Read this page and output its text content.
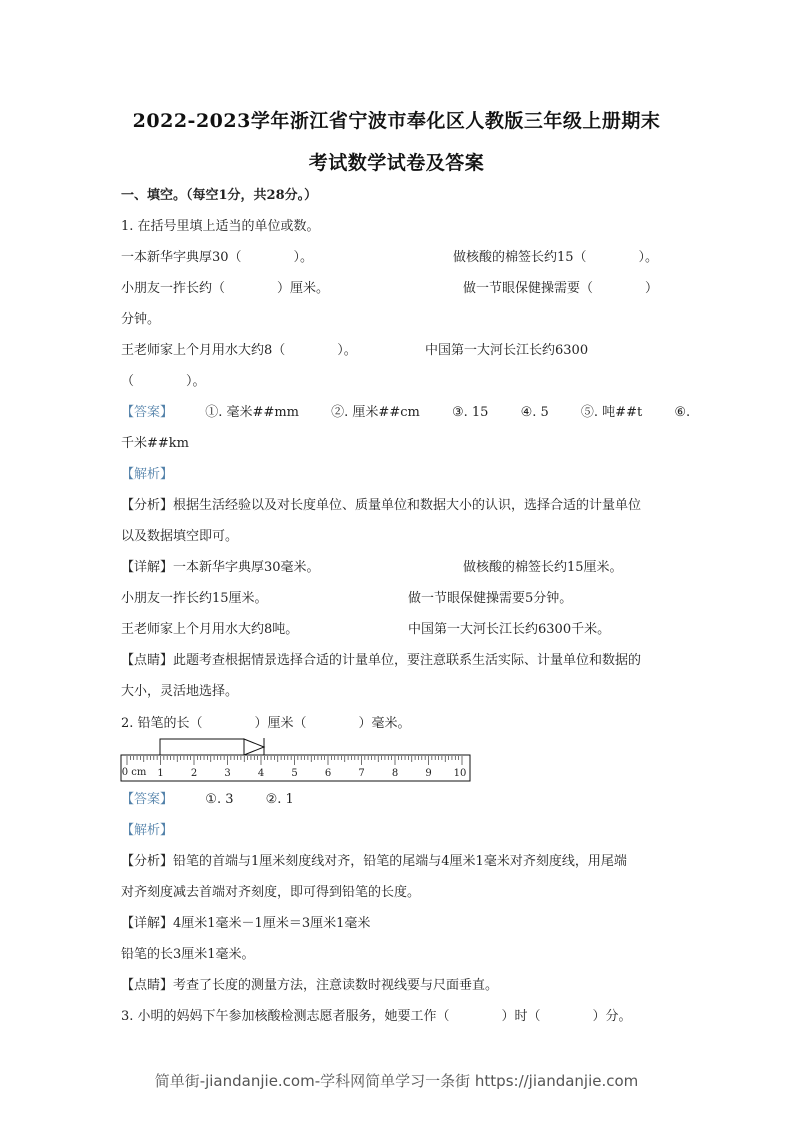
2022-2023学年浙江省宁波市奉化区人教版三年级上册期末
考试数学试卷及答案
一、填空。（每空1分，共28分。）
1. 在括号里填上适当的单位或数。
一本新华字典厚30（　　　　）。	做核酸的棉签长约15（　　　　）。
小朋友一拃长约（　　　　）厘米。	做一节眼保健操需要（　　　　）
分钟。
王老师家上个月用水大约8（　　　　）。	中国第一大河长江长约6300
（　　　　）。
【答案】 ①. 毫米##mm ②. 厘米##cm ③. 15 ④. 5 ⑤. 吨##t ⑥.
千米##km
【解析】
【分析】根据生活经验以及对长度单位、质量单位和数据大小的认识，选择合适的计量单位
以及数据填空即可。
【详解】一本新华字典厚30毫米。	做核酸的棉签长约15厘米。
小朋友一拃长约15厘米。	做一节眼保健操需要5分钟。
王老师家上个月用水大约8吨。	中国第一大河长江长约6300千米。
【点睛】此题考查根据情景选择合适的计量单位，要注意联系生活实际、计量单位和数据的
大小，灵活地选择。
2. 铅笔的长（　　　　）厘米（　　　　）毫米。
0 cm 1	2	3	4	5	6	7	8	9 10
【答案】 ①. 3 ②. 1
【解析】
【分析】铅笔的首端与1厘米刻度线对齐，铅笔的尾端与4厘米1毫米对齐刻度线，用尾端
对齐刻度减去首端对齐刻度，即可得到铅笔的长度。
【详解】4厘米1毫米－1厘米＝3厘米1毫米
铅笔的长3厘米1毫米。
【点睛】考查了长度的测量方法，注意读数时视线要与尺面垂直。
3. 小明的妈妈下午参加核酸检测志愿者服务，她要工作（　　　　）时（　　　　）分。
简单街-jiandanjie.com-学科网简单学习一条街 https://jiandanjie.com
